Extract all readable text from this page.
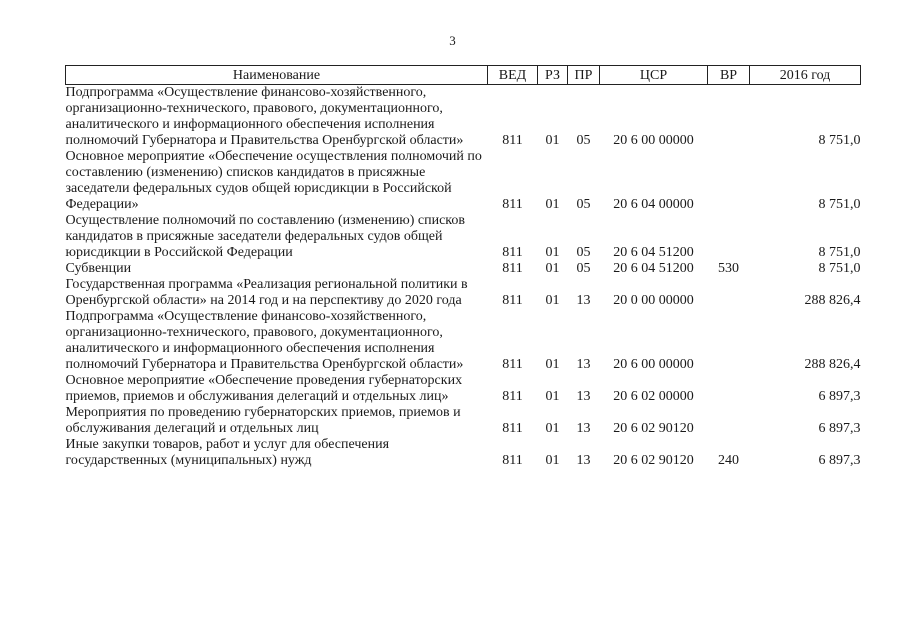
3
Наименование	ВЕД	РЗ	ПР	ЦСР	ВР	2016 год
Подпрограмма «Осуществление финансово-хозяйственного, организационно-технического, правового, документационного, аналитического и информационного обеспечения исполнения полномочий Губернатора и Правительства Оренбургской области»	811	01	05	20 6 00 00000		8 751,0
Основное мероприятие «Обеспечение осуществления полномочий по составлению (изменению) списков кандидатов в присяжные заседатели федеральных судов общей юрисдикции в Российской Федерации»	811	01	05	20 6 04 00000		8 751,0
Осуществление полномочий по составлению (изменению) списков кандидатов в присяжные заседатели федеральных судов общей юрисдикции в Российской Федерации	811	01	05	20 6 04 51200		8 751,0
Субвенции	811	01	05	20 6 04 51200	530	8 751,0
Государственная программа «Реализация региональной политики в Оренбургской области» на 2014 год и на перспективу до 2020 года	811	01	13	20 0 00 00000		288 826,4
Подпрограмма «Осуществление финансово-хозяйственного, организационно-технического, правового, документационного, аналитического и информационного обеспечения исполнения полномочий Губернатора и Правительства Оренбургской области»	811	01	13	20 6 00 00000		288 826,4
Основное мероприятие «Обеспечение проведения губернаторских приемов, приемов и обслуживания делегаций и отдельных лиц»	811	01	13	20 6 02 00000		6 897,3
Мероприятия по проведению губернаторских приемов, приемов и обслуживания делегаций и отдельных лиц	811	01	13	20 6 02 90120		6 897,3
Иные закупки товаров, работ и услуг для обеспечения государственных (муниципальных) нужд	811	01	13	20 6 02 90120	240	6 897,3
